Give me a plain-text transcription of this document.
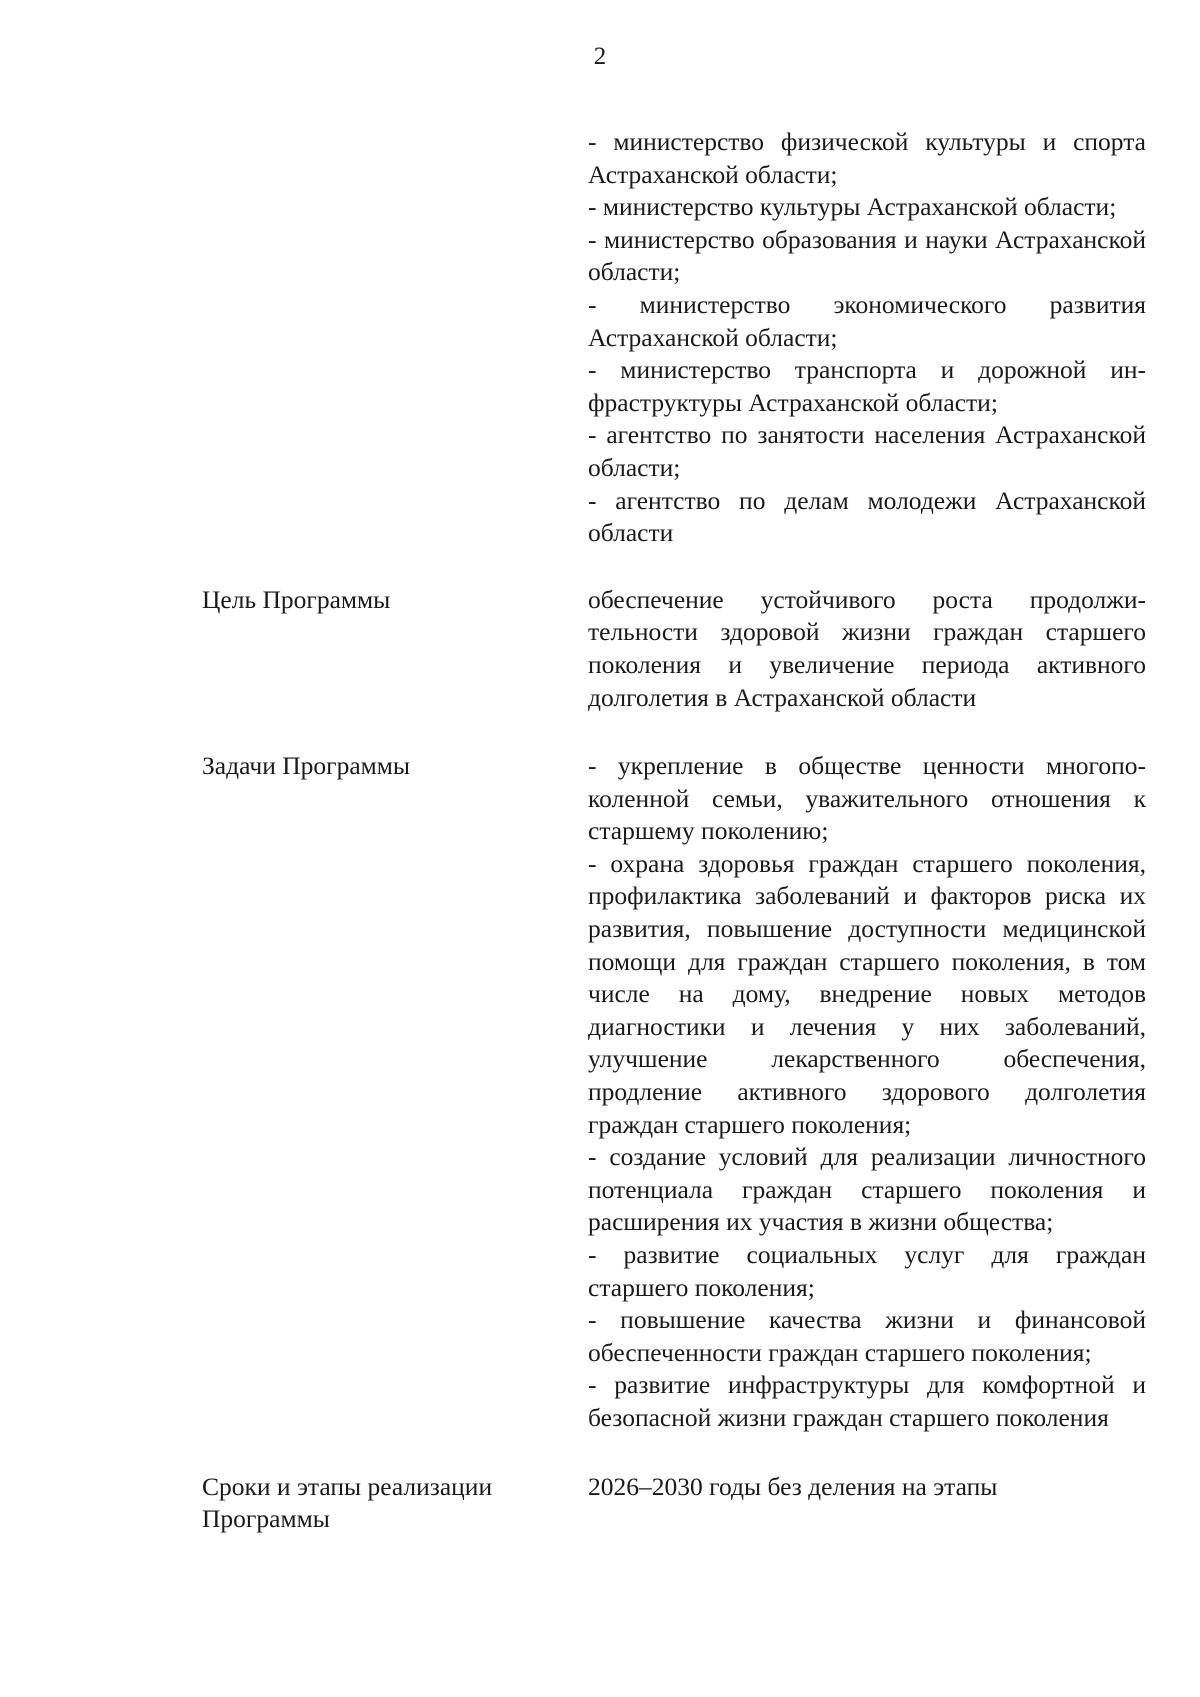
2

- министерство физической культуры и спорта Астраханской области;

- министерство культуры Астраханской области;

- министерство образования и науки Астраханской области;

- министерство экономического развития Астраханской области;

- министерство транспорта и дорожной инфраструктуры Астраханской области;

- агентство по занятости населения Астраханской области;

- агентство по делам молодежи Астраханской области

Цель Программы	обеспечение устойчивого роста продолжительности здоровой жизни граждан старшего поколения и увеличение периода активного долголетия в Астраханской области

Задачи Программы	- укрепление в обществе ценности многопоколенной семьи, уважительного отношения к старшему поколению;

- охрана здоровья граждан старшего поколения, профилактика заболеваний и факторов риска их развития, повышение доступности медицинской помощи для граждан старшего поколения, в том числе на дому, внедрение новых методов диагностики и лечения у них заболеваний, улучшение лекарственного обеспечения, продление активного здорового долголетия граждан старшего поколения;

- создание условий для реализации личностного потенциала граждан старшего поколения и расширения их участия в жизни общества;

- развитие социальных услуг для граждан старшего поколения;

- повышение качества жизни и финансовой обеспеченности граждан старшего поколения;

- развитие инфраструктуры для комфортной и безопасной жизни граждан старшего поколения

Сроки и этапы реализации Программы

2026–2030 годы без деления на этапы
